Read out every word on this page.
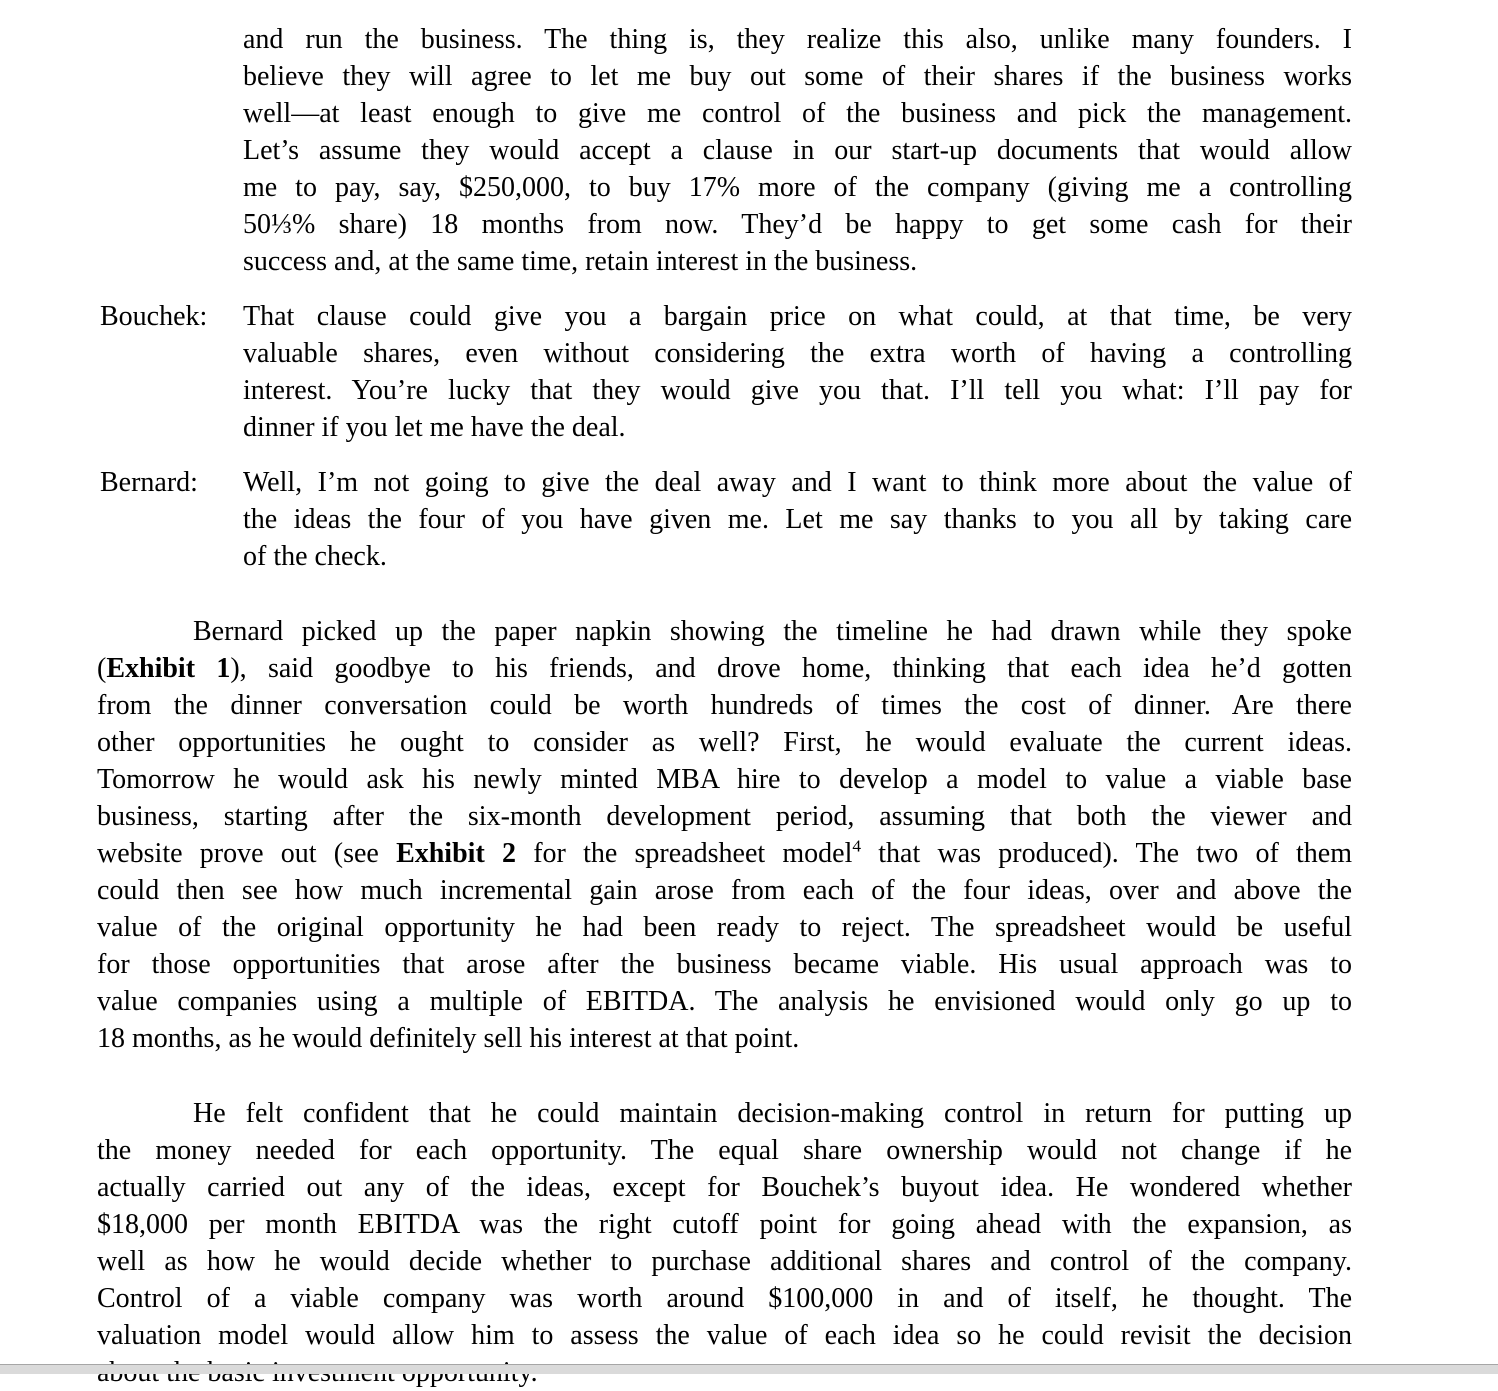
and run the business. The thing is, they realize this also, unlike many founders. I
believe they will agree to let me buy out some of their shares if the business works
well—at least enough to give me control of the business and pick the management.
Let’s assume they would accept a clause in our start-up documents that would allow
me to pay, say, $250,000, to buy 17% more of the company (giving me a controlling
50⅓% share) 18 months from now. They’d be happy to get some cash for their
success and, at the same time, retain interest in the business.
Bouchek: That clause could give you a bargain price on what could, at that time, be very
valuable shares, even without considering the extra worth of having a controlling
interest. You’re lucky that they would give you that. I’ll tell you what: I’ll pay for
dinner if you let me have the deal.
Bernard: Well, I’m not going to give the deal away and I want to think more about the value of
the ideas the four of you have given me. Let me say thanks to you all by taking care
of the check.
Bernard picked up the paper napkin showing the timeline he had drawn while they spoke
(Exhibit 1), said goodbye to his friends, and drove home, thinking that each idea he’d gotten
from the dinner conversation could be worth hundreds of times the cost of dinner. Are there
other opportunities he ought to consider as well? First, he would evaluate the current ideas.
Tomorrow he would ask his newly minted MBA hire to develop a model to value a viable base
business, starting after the six-month development period, assuming that both the viewer and
website prove out (see Exhibit 2 for the spreadsheet model$^4$ that was produced). The two of them
could then see how much incremental gain arose from each of the four ideas, over and above the
value of the original opportunity he had been ready to reject. The spreadsheet would be useful
for those opportunities that arose after the business became viable. His usual approach was to
value companies using a multiple of EBITDA. The analysis he envisioned would only go up to
18 months, as he would definitely sell his interest at that point.
He felt confident that he could maintain decision-making control in return for putting up
the money needed for each opportunity. The equal share ownership would not change if he
actually carried out any of the ideas, except for Bouchek’s buyout idea. He wondered whether
$18,000 per month EBITDA was the right cutoff point for going ahead with the expansion, as
well as how he would decide whether to purchase additional shares and control of the company.
Control of a viable company was worth around $100,000 in and of itself, he thought. The
valuation model would allow him to assess the value of each idea so he could revisit the decision
